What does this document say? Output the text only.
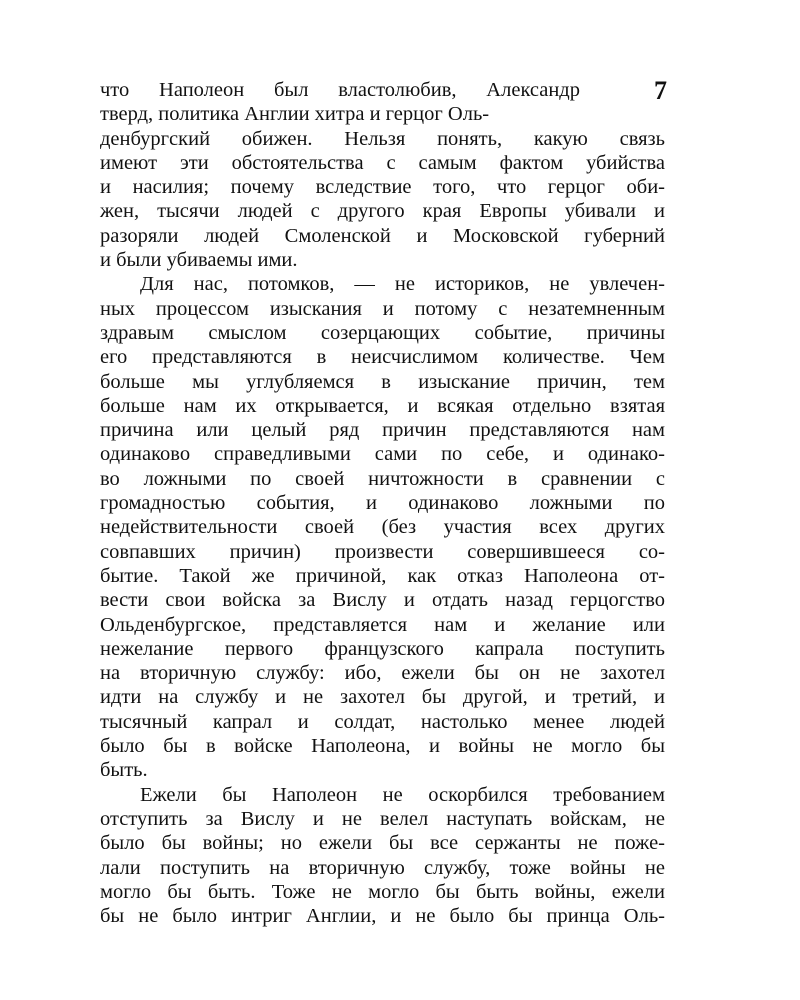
7
что Наполеон был властолюбив, Александр
тверд, политика Англии хитра и герцог Оль-
денбургский обижен. Нельзя понять, какую связь
имеют эти обстоятельства с самым фактом убийства
и насилия; почему вследствие того, что герцог оби-
жен, тысячи людей с другого края Европы убивали и
разоряли людей Смоленской и Московской губерний
и были убиваемы ими.
Для нас, потомков, — не историков, не увлечен-
ных процессом изыскания и потому с незатемненным
здравым смыслом созерцающих событие, причины
его представляются в неисчислимом количестве. Чем
больше мы углубляемся в изыскание причин, тем
больше нам их открывается, и всякая отдельно взятая
причина или целый ряд причин представляются нам
одинаково справедливыми сами по себе, и одинако-
во ложными по своей ничтожности в сравнении с
громадностью события, и одинаково ложными по
недействительности своей (без участия всех других
совпавших причин) произвести совершившееся со-
бытие. Такой же причиной, как отказ Наполеона от-
вести свои войска за Вислу и отдать назад герцогство
Ольденбургское, представляется нам и желание или
нежелание первого французского капрала поступить
на вторичную службу: ибо, ежели бы он не захотел
идти на службу и не захотел бы другой, и третий, и
тысячный капрал и солдат, настолько менее людей
было бы в войске Наполеона, и войны не могло бы
быть.
Ежели бы Наполеон не оскорбился требованием
отступить за Вислу и не велел наступать войскам, не
было бы войны; но ежели бы все сержанты не поже-
лали поступить на вторичную службу, тоже войны не
могло бы быть. Тоже не могло бы быть войны, ежели
бы не было интриг Англии, и не было бы принца Оль-
